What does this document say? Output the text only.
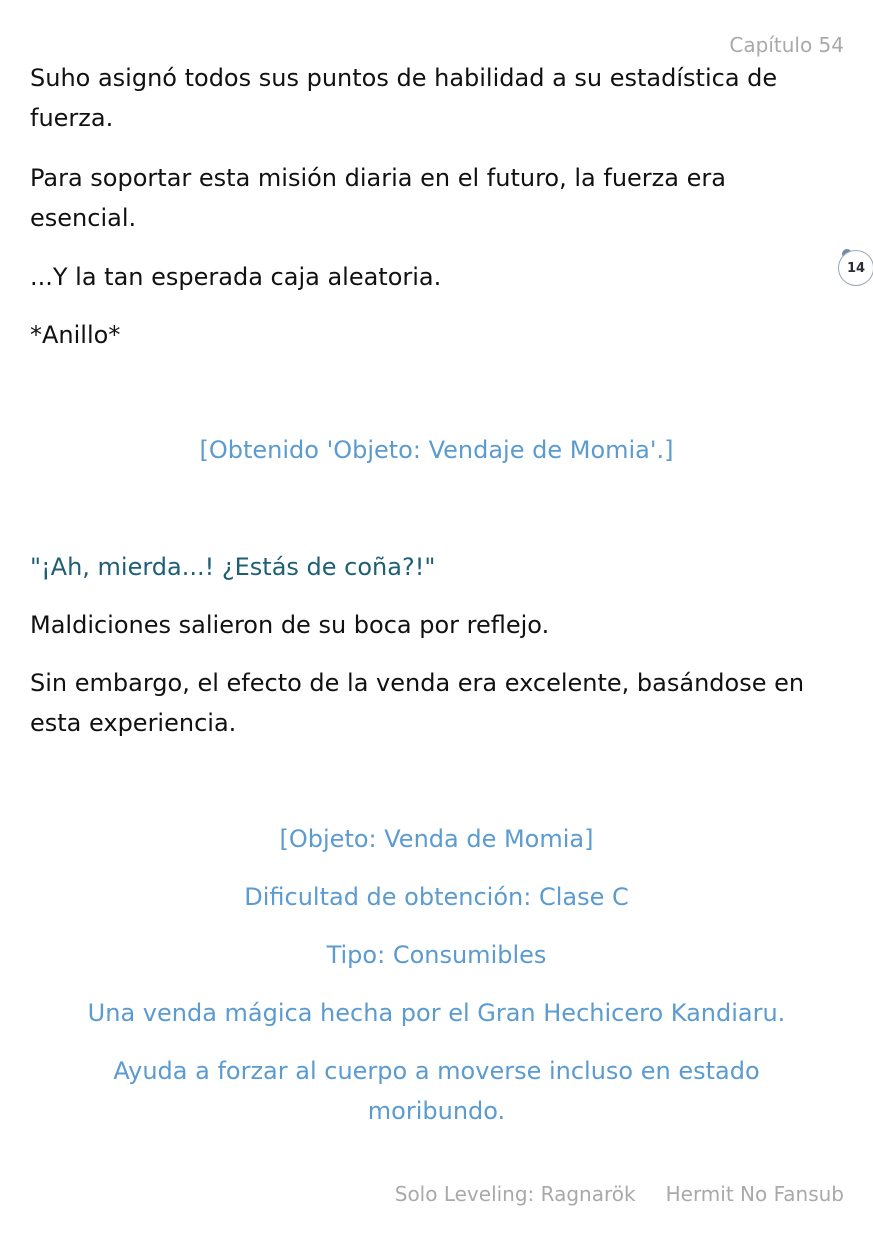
Capítulo 54

Suho asignó todos sus puntos de habilidad a su estadística de fuerza.

Para soportar esta misión diaria en el futuro, la fuerza era esencial.

...Y la tan esperada caja aleatoria.

*Anillo*

14

[Obtenido 'Objeto: Vendaje de Momia'.]

"¡Ah, mierda...! ¿Estás de coña?!"

Maldiciones salieron de su boca por reflejo.

Sin embargo, el efecto de la venda era excelente, basándose en esta experiencia.

[Objeto: Venda de Momia]

Dificultad de obtención: Clase C

Tipo: Consumibles

Una venda mágica hecha por el Gran Hechicero Kandiaru.

Ayuda a forzar al cuerpo a moverse incluso en estado moribundo.

Solo Leveling: Ragnarök Hermit No Fansub
